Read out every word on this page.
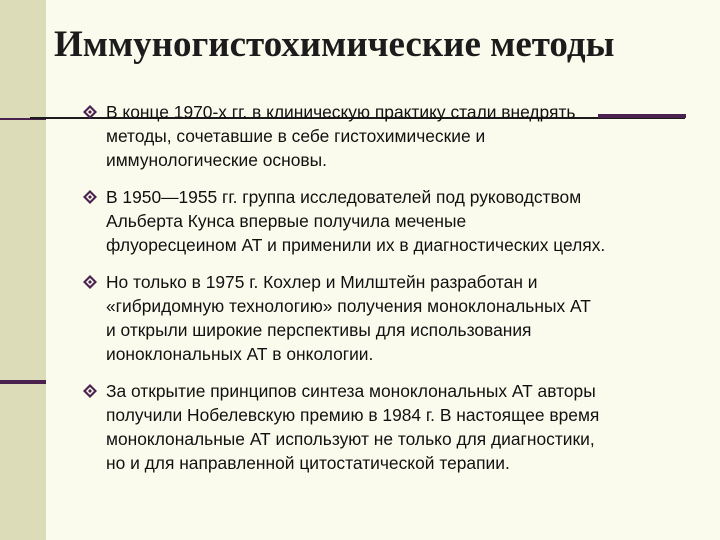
Иммуногистохимические методы
В конце 1970-х гг. в клиническую практику стали внедрять
методы, сочетавшие в себе гистохимические и
иммунологические основы.
В 1950—1955 гг. группа исследователей под руководством
Альберта Кунса впервые получила меченые
флуоресцеином АТ и применили их в диагностических целях.
Но только в 1975 г. Кохлер и Милштейн разработан и
«гибридомную технологию» получения моноклональных АТ
и открыли широкие перспективы для использования
ионоклональных АТ в онкологии.
За открытие принципов синтеза моноклональных АТ авторы
получили Нобелевскую премию в 1984 г. В настоящее время
моноклональные АТ используют не только для диагностики,
но и для направленной цитостатической терапии.
